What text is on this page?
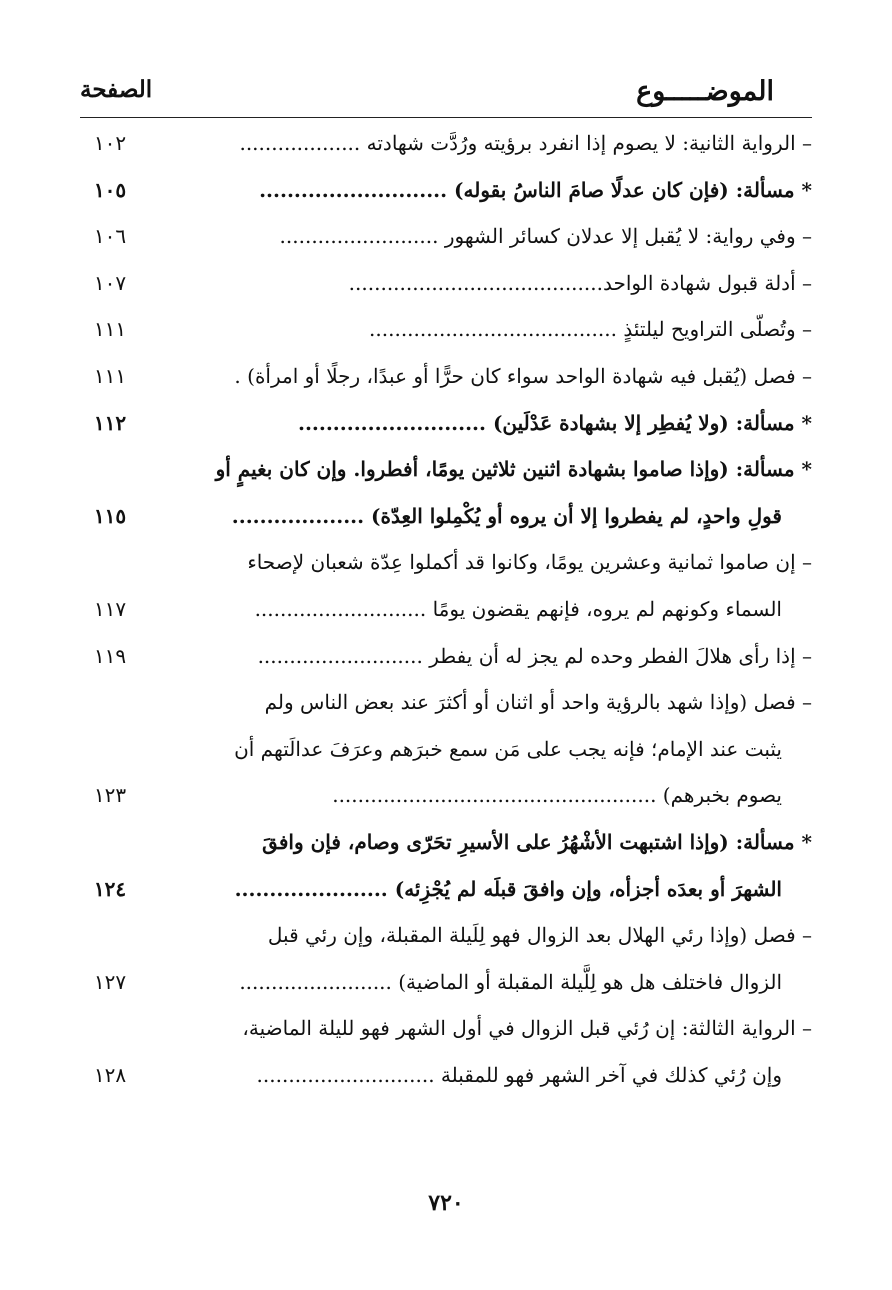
الموضـــــوع
الصفحة
– الرواية الثانية: لا يصوم إذا انفرد برؤيته ورُدَّت شهادته ...................
١٠٢
* مسألة: (فإن كان عدلًا صامَ الناسُ بقوله) ...........................
١٠٥
– وفي رواية: لا يُقبل إلا عدلان كسائر الشهور .........................
١٠٦
– أدلة قبول شهادة الواحد........................................
١٠٧
– وتُصلّى التراويح ليلتئذٍ .......................................
١١١
– فصل (يُقبل فيه شهادة الواحد سواء كان حرًّا أو عبدًا، رجلًا أو امرأة) .
١١١
* مسألة: (ولا يُفطِر إلا بشهادة عَدْلَين) ...........................
١١٢
* مسألة: (وإذا صاموا بشهادة اثنين ثلاثين يومًا، أفطروا. وإن كان بغيمٍ أو
قولِ واحدٍ، لم يفطروا إلا أن يروه أو يُكْمِلوا العِدّة) ...................
١١٥
– إن صاموا ثمانية وعشرين يومًا، وكانوا قد أكملوا عِدّة شعبان لإصحاء
السماء وكونهم لم يروه، فإنهم يقضون يومًا ...........................
١١٧
– إذا رأى هلالَ الفطر وحده لم يجز له أن يفطر ..........................
١١٩
– فصل (وإذا شهد بالرؤية واحد أو اثنان أو أكثرَ عند بعض الناس ولم
يثبت عند الإمام؛ فإنه يجب على مَن سمع خبرَهم وعرَفَ عدالَتهم أن
يصوم بخبرهم) ...................................................
١٢٣
* مسألة: (وإذا اشتبهت الأشْهُرُ على الأسيرِ تحَرّى وصام، فإن وافقَ
الشهرَ أو بعدَه أجزأه، وإن وافقَ قبلَه لم يُجْزِئه) ......................
١٢٤
– فصل (وإذا رئي الهلال بعد الزوال فهو لِلَيلة المقبلة، وإن رئي قبل
الزوال فاختلف هل هو لِلَّيلة المقبلة أو الماضية) ........................
١٢٧
– الرواية الثالثة: إن رُئي قبل الزوال في أول الشهر فهو لليلة الماضية،
وإن رُئي كذلك في آخر الشهر فهو للمقبلة ............................
١٢٨
٧٢٠
